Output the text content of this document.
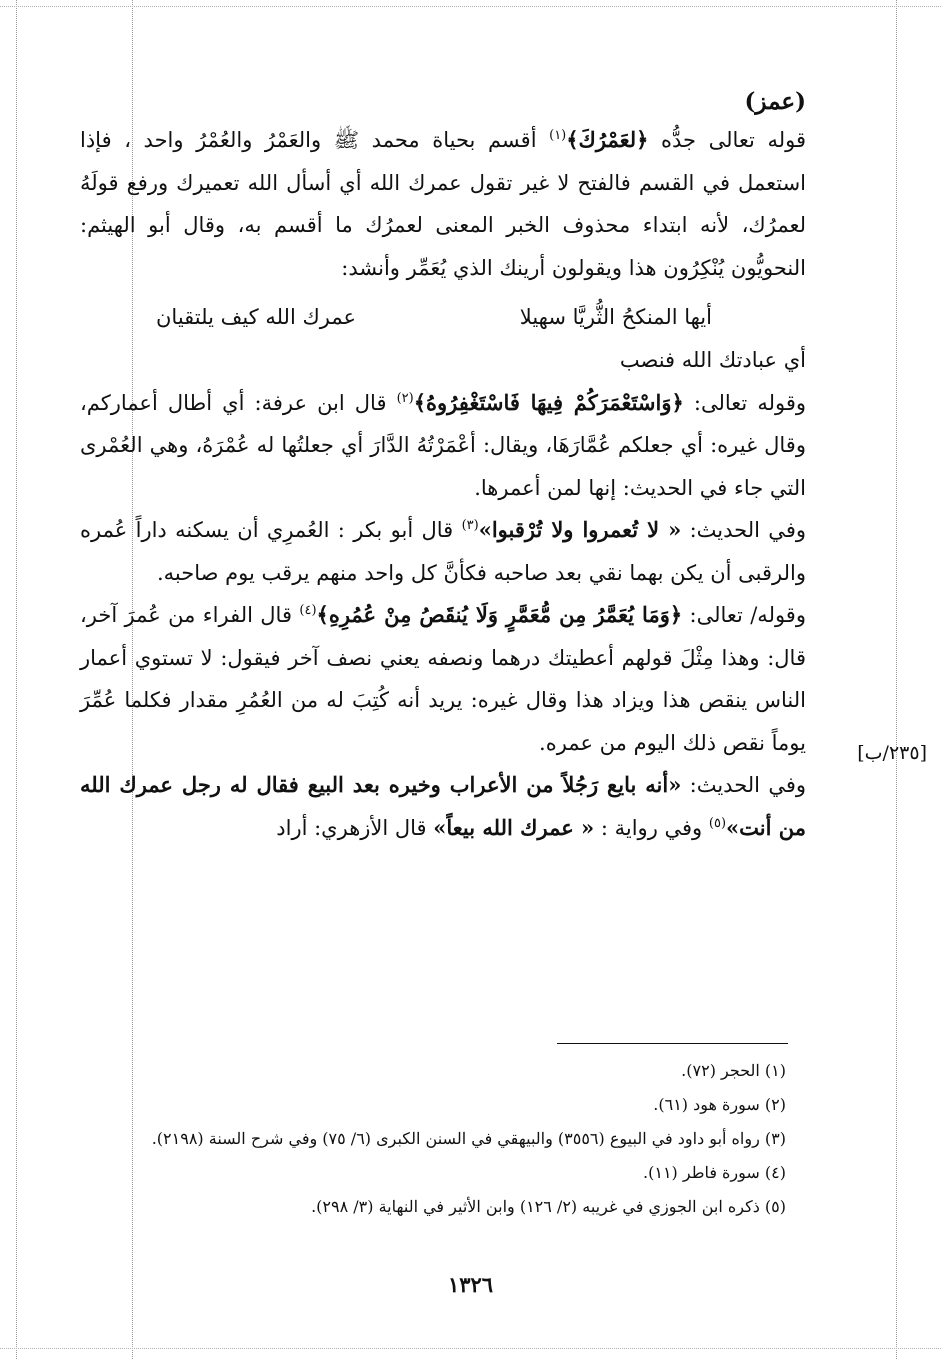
(عمز)

قوله تعالى جدُّه ﴿لعَمْرُكَ﴾$^{(١)}$ أقسم بحياة محمد ﷺ والعَمْرُ والعُمْرُ واحد ، فإذا استعمل في القسم فالفتح لا غير تقول عمرك الله أي أسأل الله تعميرك ورفع قولَهُ لعمرُك، لأنه ابتداء محذوف الخبر المعنى لعمرُك ما أقسم به، وقال أبو الهيثم: النحويُّون يُنْكِرُون هذا ويقولون أرينك الذي يُعَمِّر وأنشد:

أيها المنكحُ الثُّريَّا سهيلا
عمرك الله كيف يلتقيان

أي عبادتك الله فنصب

وقوله تعالى: ﴿وَاسْتَعْمَرَكُمْ فِيهَا فَاسْتَغْفِرُوهُ﴾$^{(٢)}$ قال ابن عرفة: أي أطال أعماركم، وقال غيره: أي جعلكم عُمَّارَهَا، ويقال: أعْمَرْتُهُ الدَّارَ أي جعلتُها له عُمْرَهُ، وهي العُمْرى التي جاء في الحديث: إنها لمن أعمرها.

وفي الحديث: « لا تُعمروا ولا تُرْقبوا»$^{(٣)}$ قال أبو بكر : العُمرِي أن يسكنه داراً عُمره والرقبى أن يكن بهما نقي بعد صاحبه فكأنَّ كل واحد منهم يرقب يوم صاحبه.

وقوله/ تعالى: ﴿وَمَا يُعَمَّرُ مِن مُّعَمَّرٍ وَلَا يُنقَصُ مِنْ عُمُرِهِ﴾$^{(٤)}$ قال الفراء من عُمرَ آخر، قال: وهذا مِثْلَ قولهم أعطيتك درهما ونصفه يعني نصف آخر فيقول: لا تستوي أعمار الناس ينقص هذا ويزاد هذا وقال غيره: يريد أنه كُتِبَ له من العُمُرِ مقدار فكلما عُمِّرَ يوماً نقص ذلك اليوم من عمره.

وفي الحديث: «أنه بايع رَجُلاً من الأعراب وخيره بعد البيع فقال له رجل عمرك الله من أنت»$^{(٥)}$ وفي رواية : « عمرك الله بيعاً» قال الأزهري: أراد

[٢٣٥/ب]

(١) الحجر (٧٢).

(٢) سورة هود (٦١).

(٣) رواه أبو داود في البيوع (٣٥٥٦) والبيهقي في السنن الكبرى (٦/ ٧٥) وفي شرح السنة (٢١٩٨).

(٤) سورة فاطر (١١).

(٥) ذكره ابن الجوزي في غريبه (٢/ ١٢٦) وابن الأثير في النهاية (٣/ ٢٩٨).

١٣٢٦
